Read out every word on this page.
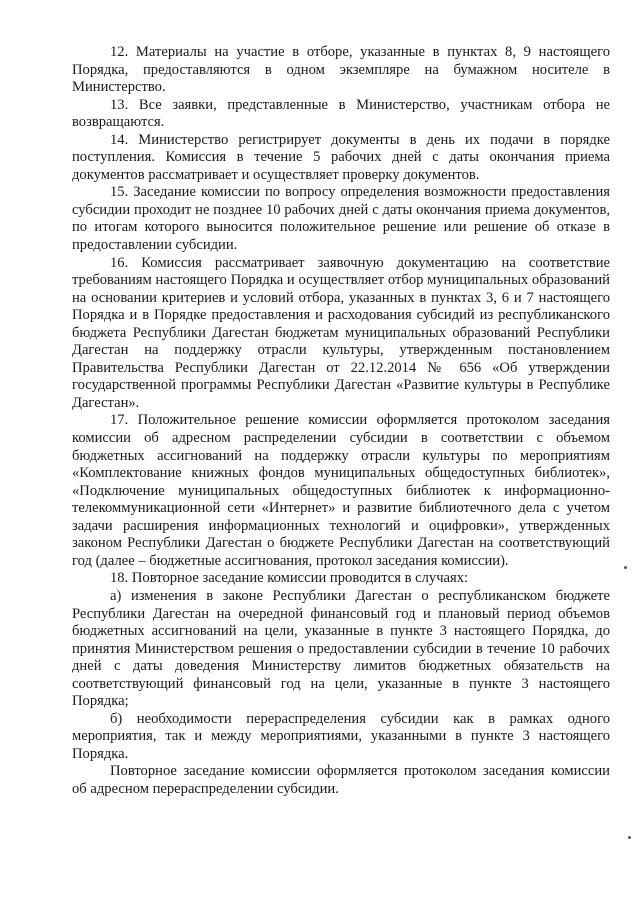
12. Материалы на участие в отборе, указанные в пунктах 8, 9 настоящего Порядка, предоставляются в одном экземпляре на бумажном носителе в Министерство.

13. Все заявки, представленные в Министерство, участникам отбора не возвращаются.

14. Министерство регистрирует документы в день их подачи в порядке поступления. Комиссия в течение 5 рабочих дней с даты окончания приема документов рассматривает и осуществляет проверку документов.

15. Заседание комиссии по вопросу определения возможности предоставления субсидии проходит не позднее 10 рабочих дней с даты окончания приема документов, по итогам которого выносится положительное решение или решение об отказе в предоставлении субсидии.

16. Комиссия рассматривает заявочную документацию на соответствие требованиям настоящего Порядка и осуществляет отбор муниципальных образований на основании критериев и условий отбора, указанных в пунктах 3, 6 и 7 настоящего Порядка и в Порядке предоставления и расходования субсидий из республиканского бюджета Республики Дагестан бюджетам муниципальных образований Республики Дагестан на поддержку отрасли культуры, утвержденным постановлением Правительства Республики Дагестан от 22.12.2014 № 656 «Об утверждении государственной программы Республики Дагестан «Развитие культуры в Республике Дагестан».

17. Положительное решение комиссии оформляется протоколом заседания комиссии об адресном распределении субсидии в соответствии с объемом бюджетных ассигнований на поддержку отрасли культуры по мероприятиям «Комплектование книжных фондов муниципальных общедоступных библиотек», «Подключение муниципальных общедоступных библиотек к информационно-телекоммуникационной сети «Интернет» и развитие библиотечного дела с учетом задачи расширения информационных технологий и оцифровки», утвержденных законом Республики Дагестан о бюджете Республики Дагестан на соответствующий год (далее – бюджетные ассигнования, протокол заседания комиссии).

18. Повторное заседание комиссии проводится в случаях:

а) изменения в законе Республики Дагестан о республиканском бюджете Республики Дагестан на очередной финансовый год и плановый период объемов бюджетных ассигнований на цели, указанные в пункте 3 настоящего Порядка, до принятия Министерством решения о предоставлении субсидии в течение 10 рабочих дней с даты доведения Министерству лимитов бюджетных обязательств на соответствующий финансовый год на цели, указанные в пункте 3 настоящего Порядка;

б) необходимости перераспределения субсидии как в рамках одного мероприятия, так и между мероприятиями, указанными в пункте 3 настоящего Порядка.

Повторное заседание комиссии оформляется протоколом заседания комиссии об адресном перераспределении субсидии.
